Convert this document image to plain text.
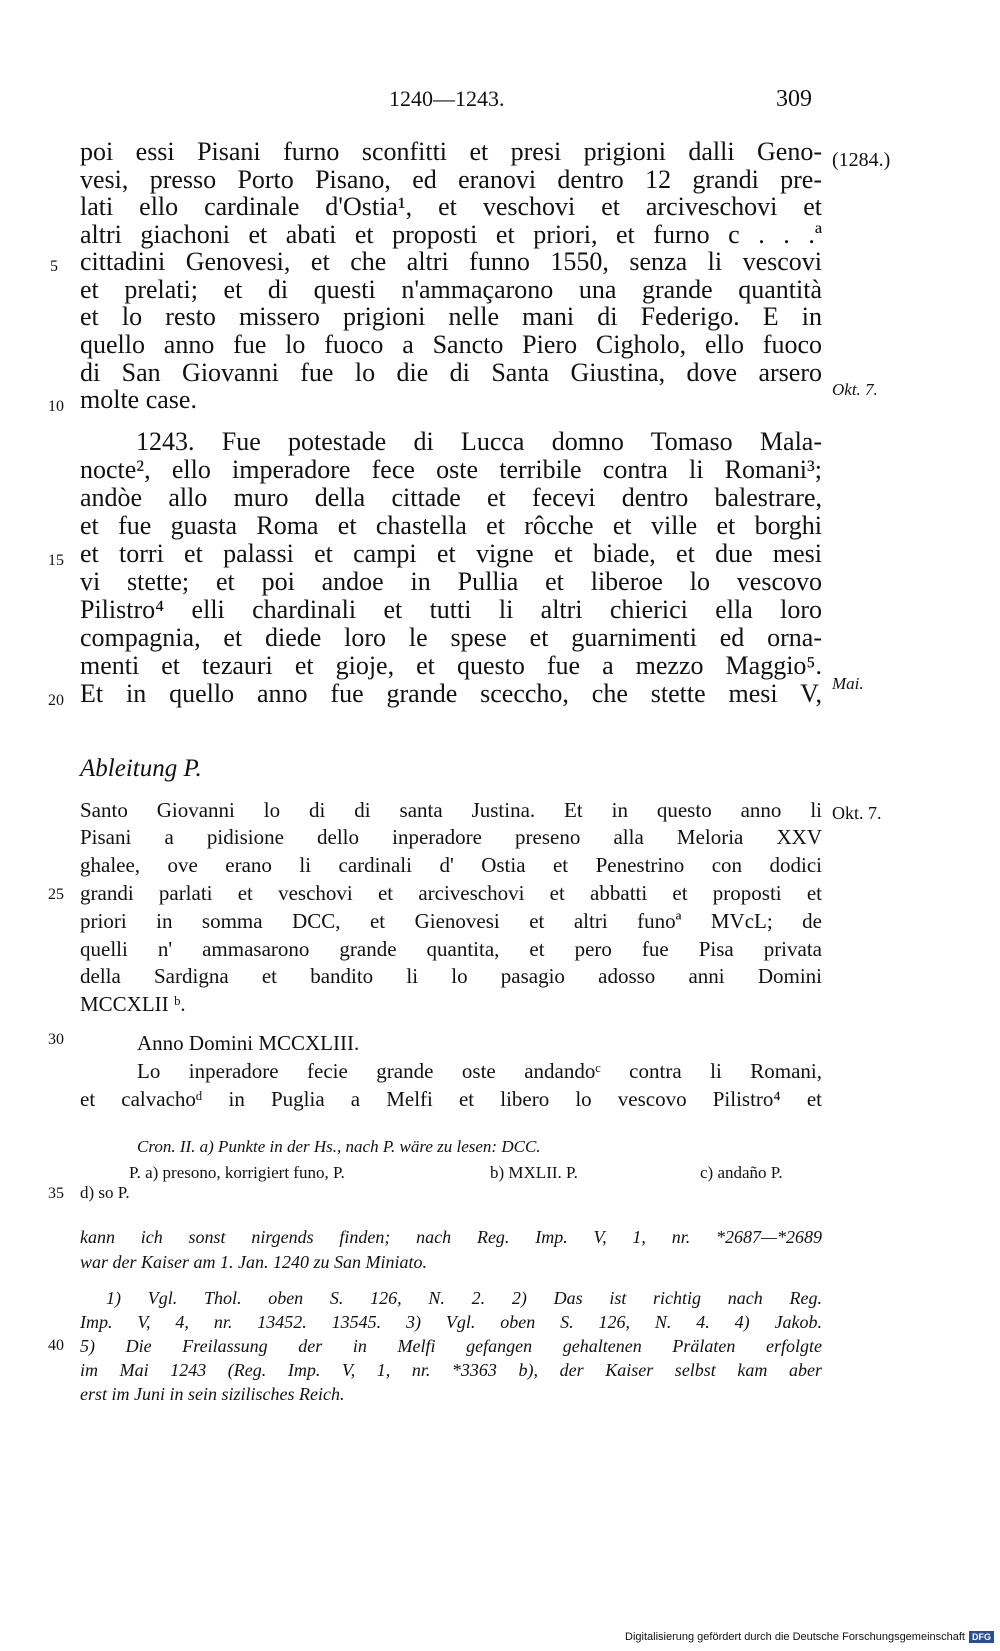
1240—1243.	309
poi essi Pisani furno sconfitti et presi prigioni dalli Geno-
vesi, presso Porto Pisano, ed eranovi dentro 12 grandi pre-
lati ello cardinale d'Ostia¹, et veschovi et arciveschovi et
altri giachoni et abati et proposti et priori, et furno c . . .ª
cittadini Genovesi, et che altri funno 1550, senza li vescovi
et prelati; et di questi n'ammaçarono una grande quantità
et lo resto missero prigioni nelle mani di Federigo. E in
quello anno fue lo fuoco a Sancto Piero Cigholo, ello fuoco
di San Giovanni fue lo die di Santa Giustina, dove arsero
molte case.
1243. Fue potestade di Lucca domno Tomaso Mala-
nocte², ello imperadore fece oste terribile contra li Romani³;
andòe allo muro della cittade et fecevi dentro balestrare,
et fue guasta Roma et chastella et rôcche et ville et borghi
et torri et palassi et campi et vigne et biade, et due mesi
vi stette; et poi andoe in Pullia et liberoe lo vescovo
Pilistro⁴ elli chardinali et tutti li altri chierici ella loro
compagnia, et diede loro le spese et guarnimenti ed orna-
menti et tezauri et gioje, et questo fue a mezzo Maggio⁵.
Et in quello anno fue grande sceccho, che stette mesi V,
5
10
15
20
25
30
35
40
(1284.)
Okt. 7.
Mai.
Okt. 7.
Ableitung P.
Santo Giovanni lo di di santa Justina. Et in questo anno li
Pisani a pidisione dello inperadore preseno alla Meloria XXV
ghalee, ove erano li cardinali d' Ostia et Penestrino con dodici
grandi parlati et veschovi et arciveschovi et abbatti et proposti et
priori in somma DCC, et Gienovesi et altri funoª MVcL; de
quelli n' ammasarono grande quantita, et pero fue Pisa privata
della Sardigna et bandito li lo pasagio adosso anni Domini
MCCXLII ᵇ.
Anno Domini MCCXLIII.
Lo inperadore fecie grande oste andandoᶜ contra li Romani,
et calvachoᵈ in Puglia a Melfi et libero lo vescovo Pilistro⁴ et
Cron. II. a) Punkte in der Hs., nach P. wäre zu lesen: DCC.
P. a) presono, korrigiert funo, P.	b) MXLII. P.	c) andaño P.
d) so P.
kann ich sonst nirgends finden; nach Reg. Imp. V, 1, nr. *2687—*2689
war der Kaiser am 1. Jan. 1240 zu San Miniato.
1) Vgl. Thol. oben S. 126, N. 2. 2) Das ist richtig nach Reg.
Imp. V, 4, nr. 13452. 13545. 3) Vgl. oben S. 126, N. 4. 4) Jakob.
5) Die Freilassung der in Melfi gefangen gehaltenen Prälaten erfolgte
im Mai 1243 (Reg. Imp. V, 1, nr. *3363 b), der Kaiser selbst kam aber
erst im Juni in sein sizilisches Reich.
Digitalisierung gefördert durch die Deutsche Forschungsgemeinschaft DFG
